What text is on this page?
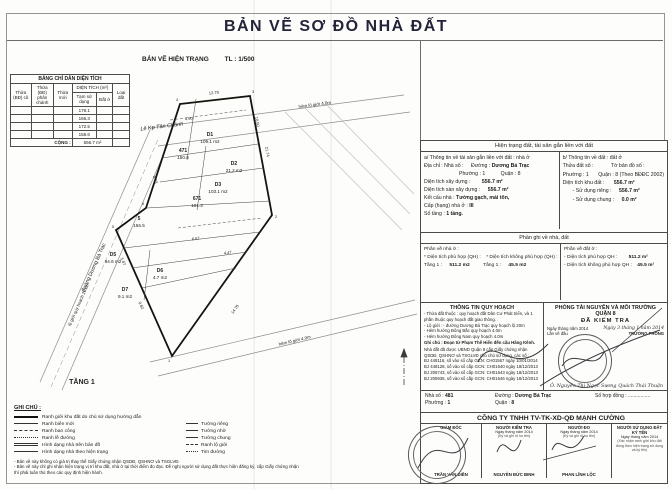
BẢN VẼ SƠ ĐỒ NHÀ ĐẤT
BẢN VẼ HIỆN TRẠNG TL : 1/500
BẢNG CHỈ DẪN DIỆN TÍCH					
Thửa (BĐ) cũ	Thửa (BĐ) phân chánh	Thửa mới	DIỆN TÍCH (m²)		Loại đất
			Tạm sử dụng	Đất ở	
			179.1		
			166.3		
			172.5		
			158.6		
CỘNG :			556.7 m²		
D1
109.1 m2
471
150.6
D2
21.2 m2
D3
103.1 m2
671
101.3
5
156.5
D5
94.6 m2
D6
4.7 m2
D7
9.1 m2
4.90
12.79
21.74
8.73
6.57
4.47
9.82
5.87
14.76
10.50
1
2
3
4
5
6
đường Dương Bá Trạc
lộ giới quy hoạch 20.0m
hẻm lộ giới 4.0m
hẻm lộ giới 4.0m
Lê Kp Tân Chánh
TẦNG 1
GHI CHÚ :
Ranh giới khu đất do chủ sử dụng hướng dẫn
Ranh biên mới
Ranh ban công
Ranh lề đường
Hình dạng nhà trên bản đồ
Hình dạng nhà theo hiện trạng
Tường riêng
Tường nhờ
Tường chung
Ranh lộ giới
Tim đường
- Bản vẽ này không có giá trị thay thế Giấy chứng nhận QSDĐ, QSHNƠ và TSGLVĐ.
- Bản vẽ này chỉ ghi nhận hiện trạng vị trí khu đất, nhà ở tại thời điểm đo đạc. Đề nghị người sử dụng đất thực hiện đăng ký, cấp Giấy chứng nhận thì phải tuân thủ theo các quy định hiện hành.
Hiện trạng đất, tài sản gắn liền với đất
a/ Thông tin về tài sản gắn liền với đất : nhà ở
Địa chỉ : Nhà số : Đường : Dương Bá Trạc
Phường : 1	Quận : 8
Diện tích xây dựng : 556.7 m²
Diện tích sàn xây dựng : 556.7 m²
Kết cấu nhà : Tường gạch, mái tôn,
Cấp (hạng) nhà ở : III
Số tầng : 1 tầng.
b/ Thông tin về đất : đất ở
Thửa đất số :	Tờ bản đồ số :
Phường : 1 Quận : 8 (Theo BĐĐC 2002)
Diện tích khu đất : 556.7 m²
- Sử dụng riêng : 556.7 m²
- Sử dụng chung : 0.0 m²
Phần ghi về nhà, đất
Phần về nhà ở :
* Diện tích phù hợp (QH) : * Diện tích không phù hợp (QH) :
Tầng 1 : 511.2 m2	Tầng 1 : 45.5 m2
Phần về đất ở :
- Diện tích phù hợp QH : 511.2 m²
- Diện tích không phù hợp QH : 45.5 m²
THÔNG TIN QUY HOẠCH
- Thửa đất thuộc : quy hoạch đất Dân Cư Phát triển, và 1
phần thuộc quy hoạch đất giao thông.
- Lộ giới : - đường Dương Bá Trạc quy hoạch lộ 20m
- Hẻm hướng Đông Bắc quy hoạch 4.0m
- Hẻm hướng Đông Nam quy hoạch 4.0m
Ghi chú : Đoạn từ Phạm Thế Hiển đến cầu Hãng Kênh.
Nhà đất đã được UBND Quận 8 cấp Giấy chứng nhận
QSDĐ, QSHNƠ và TSGLVĐ cho chủ sử dụng, các số :
BJ 448116, số vào sổ cấp GCN: CH01567 ngày 10/01/2014
BJ 448128, số vào sổ cấp GCN: CH01640 ngày 18/12/2013
BJ 206743, số vào sổ cấp GCN: CH01643 ngày 18/12/2013
BJ 205936, số vào sổ cấp GCN: CH01646 ngày 18/12/2013
PHÒNG TÀI NGUYÊN VÀ MÔI TRƯỜNG QUẬN 8
ĐÃ KIỂM TRA
Ngày tháng năm 2014	Ngày 3 tháng 1 năm 2014
Lần vẽ đầu	TRƯỞNG PHÒNG
Ô. Nguyễn Thị Ngọc Sương Quách Thái Thuận
Nhà số : 481	Đường : Dương Bá Trạc	Số hợp đồng : ................
Phường : 1	Quận : 8
CÔNG TY TNHH TV-TK-XD-QĐ MẠNH CƯỜNG
GIÁM ĐỐC
TRẦN VĂN ĐIỀN
NGƯỜI KIỂM TRA
Ngày tháng năm 2014
(Ký và ghi rõ họ tên)
NGUYỄN ĐỨC BINH
NGƯỜI ĐO
Ngày tháng năm 2014
(Ký và ghi rõ họ tên)
PHAN LĨNH LỘC
NGƯỜI SỬ DỤNG ĐẤT KÝ TÊN
Ngày tháng năm 2014
(Xác nhận ranh giới khu đất đúng theo hiện trạng sử dụng và ký tên)
